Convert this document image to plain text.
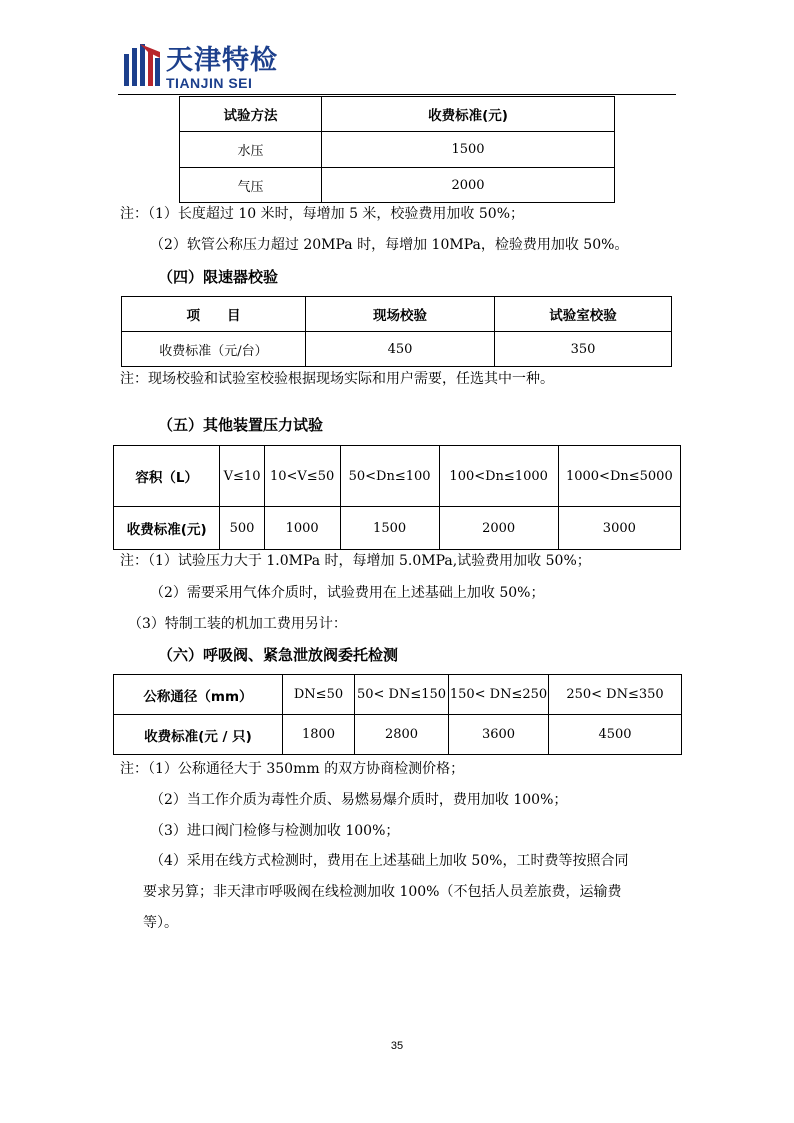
天津特检
TIANJIN SEI
试验方法	收费标准(元)
水压	1500
气压	2000
注：（1）长度超过 10 米时，每增加 5 米，校验费用加收 50%；
（2）软管公称压力超过 20MPa 时，每增加 10MPa，检验费用加收 50%。
（四）限速器校验
项　　目	现场校验	试验室校验
收费标准（元/台）	450	350
注：现场校验和试验室校验根据现场实际和用户需要，任选其中一种。
（五）其他装置压力试验
容积（L）	V≤10	10<V≤50	50<Dn≤100	100<Dn≤1000	1000<Dn≤5000
收费标准(元)	500	1000	1500	2000	3000
注：（1）试验压力大于 1.0MPa 时，每增加 5.0MPa,试验费用加收 50%；
（2）需要采用气体介质时，试验费用在上述基础上加收 50%；
（3）特制工装的机加工费用另计：
（六）呼吸阀、紧急泄放阀委托检测
公称通径（mm）	DN≤50	50< DN≤150	150< DN≤250	250< DN≤350
收费标准(元 / 只)	1800	2800	3600	4500
注：（1）公称通径大于 350mm 的双方协商检测价格；
（2）当工作介质为毒性介质、易燃易爆介质时，费用加收 100%；
（3）进口阀门检修与检测加收 100%；
（4）采用在线方式检测时，费用在上述基础上加收 50%，工时费等按照合同
要求另算；非天津市呼吸阀在线检测加收 100%（不包括人员差旅费，运输费
等）。
35
